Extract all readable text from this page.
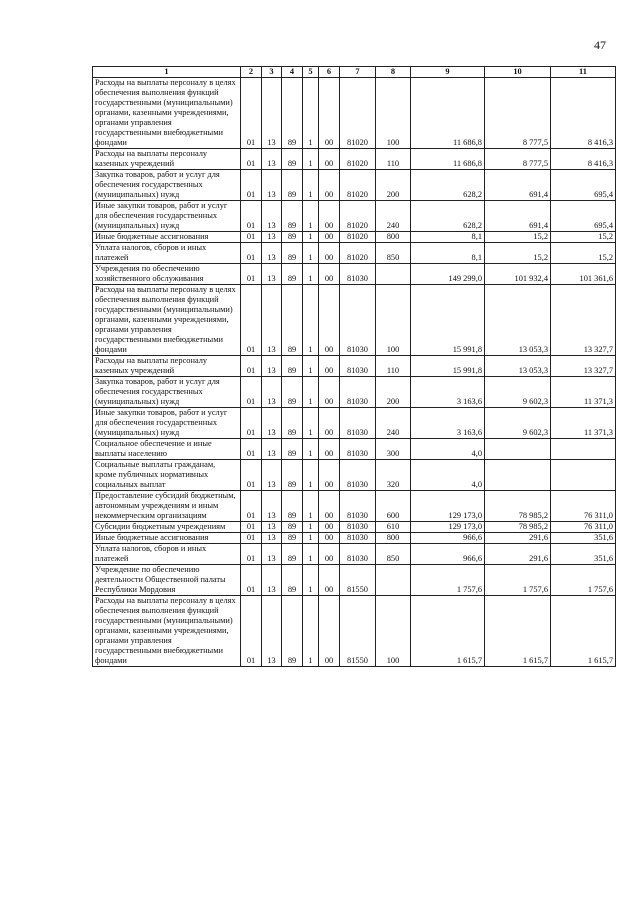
47
1	2	3	4	5	6	7	8	9	10	11
Расходы на выплаты персоналу в целях обеспечения выполнения функций государственными (муниципальными) органами, казенными учреждениями, органами управления государственными внебюджетными фондами	01	13	89	1	00	81020	100	11 686,8	8 777,5	8 416,3
Расходы на выплаты персоналу казенных учреждений	01	13	89	1	00	81020	110	11 686,8	8 777,5	8 416,3
Закупка товаров, работ и услуг для обеспечения государственных (муниципальных) нужд	01	13	89	1	00	81020	200	628,2	691,4	695,4
Иные закупки товаров, работ и услуг для обеспечения государственных (муниципальных) нужд	01	13	89	1	00	81020	240	628,2	691,4	695,4
Иные бюджетные ассигнования	01	13	89	1	00	81020	800	8,1	15,2	15,2
Уплата налогов, сборов и иных платежей	01	13	89	1	00	81020	850	8,1	15,2	15,2
Учреждения по обеспечению хозяйственного обслуживания	01	13	89	1	00	81030		149 299,0	101 932,4	101 361,6
Расходы на выплаты персоналу в целях обеспечения выполнения функций государственными (муниципальными) органами, казенными учреждениями, органами управления государственными внебюджетными фондами	01	13	89	1	00	81030	100	15 991,8	13 053,3	13 327,7
Расходы на выплаты персоналу казенных учреждений	01	13	89	1	00	81030	110	15 991,8	13 053,3	13 327,7
Закупка товаров, работ и услуг для обеспечения государственных (муниципальных) нужд	01	13	89	1	00	81030	200	3 163,6	9 602,3	11 371,3
Иные закупки товаров, работ и услуг для обеспечения государственных (муниципальных) нужд	01	13	89	1	00	81030	240	3 163,6	9 602,3	11 371,3
Социальное обеспечение и иные выплаты населению	01	13	89	1	00	81030	300	4,0		
Социальные выплаты гражданам, кроме публичных нормативных социальных выплат	01	13	89	1	00	81030	320	4,0		
Предоставление субсидий бюджетным, автономным учреждениям и иным некоммерческим организациям	01	13	89	1	00	81030	600	129 173,0	78 985,2	76 311,0
Субсидии бюджетным учреждениям	01	13	89	1	00	81030	610	129 173,0	78 985,2	76 311,0
Иные бюджетные ассигнования	01	13	89	1	00	81030	800	966,6	291,6	351,6
Уплата налогов, сборов и иных платежей	01	13	89	1	00	81030	850	966,6	291,6	351,6
Учреждение по обеспечению деятельности Общественной палаты Республики Мордовия	01	13	89	1	00	81550		1 757,6	1 757,6	1 757,6
Расходы на выплаты персоналу в целях обеспечения выполнения функций государственными (муниципальными) органами, казенными учреждениями, органами управления государственными внебюджетными фондами	01	13	89	1	00	81550	100	1 615,7	1 615,7	1 615,7
